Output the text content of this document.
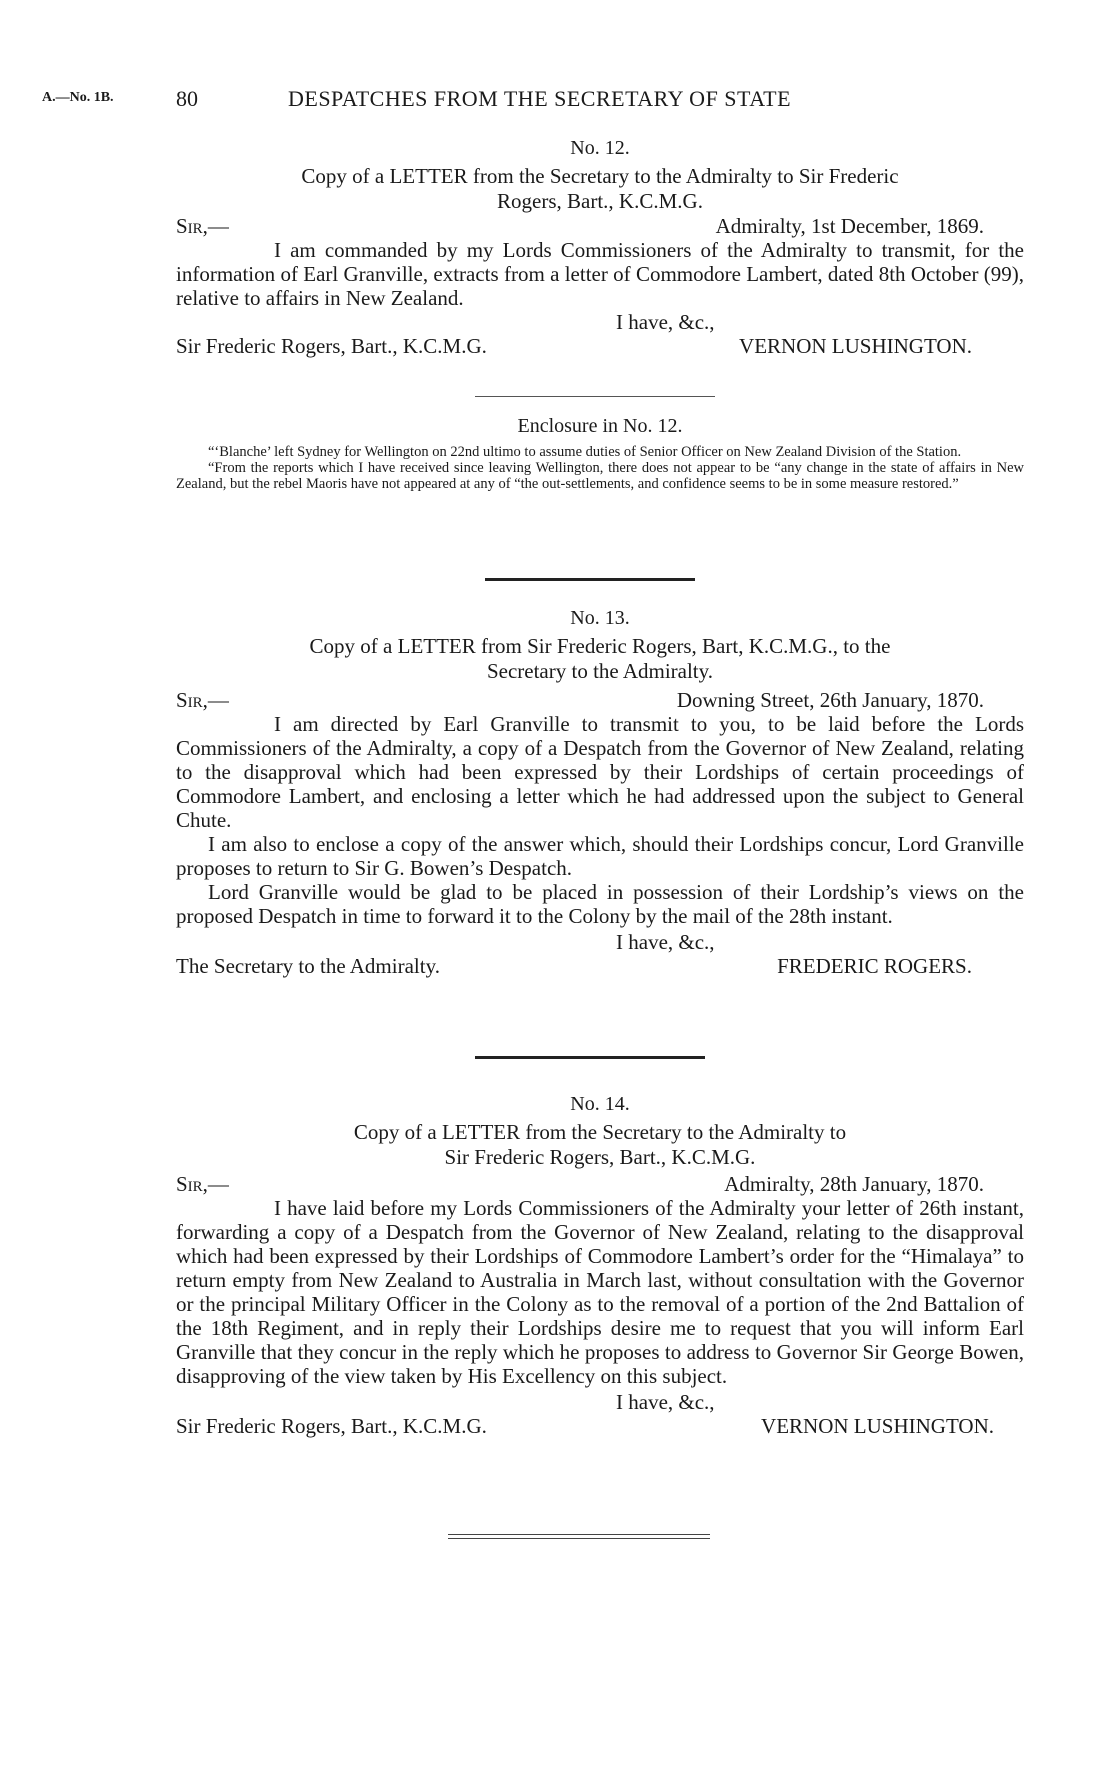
A.—No. 1B.	80	DESPATCHES FROM THE SECRETARY OF STATE
No. 12.
Copy of a LETTER from the Secretary to the Admiralty to Sir Frederic
Rogers, Bart., K.C.M.G.
Sir,—	Admiralty, 1st December, 1869.
I am commanded by my Lords Commissioners of the Admiralty to transmit, for the information of Earl Granville, extracts from a letter of Commodore Lambert, dated 8th October (99), relative to affairs in New Zealand.
I have, &c.,
Sir Frederic Rogers, Bart., K.C.M.G.	VERNON LUSHINGTON.
Enclosure in No. 12.
“‘Blanche’ left Sydney for Wellington on 22nd ultimo to assume duties of Senior Officer on New Zealand Division of the Station.
“From the reports which I have received since leaving Wellington, there does not appear to be “any change in the state of affairs in New Zealand, but the rebel Maoris have not appeared at any of “the out-settlements, and confidence seems to be in some measure restored.”
No. 13.
Copy of a LETTER from Sir Frederic Rogers, Bart, K.C.M.G., to the
Secretary to the Admiralty.
Sir,—	Downing Street, 26th January, 1870.
I am directed by Earl Granville to transmit to you, to be laid before the Lords Commissioners of the Admiralty, a copy of a Despatch from the Governor of New Zealand, relating to the disapproval which had been expressed by their Lordships of certain proceedings of Commodore Lambert, and enclosing a letter which he had addressed upon the subject to General Chute.
I am also to enclose a copy of the answer which, should their Lordships concur, Lord Granville proposes to return to Sir G. Bowen’s Despatch.
Lord Granville would be glad to be placed in possession of their Lordship’s views on the proposed Despatch in time to forward it to the Colony by the mail of the 28th instant.
I have, &c.,
The Secretary to the Admiralty.	FREDERIC ROGERS.
No. 14.
Copy of a LETTER from the Secretary to the Admiralty to
Sir Frederic Rogers, Bart., K.C.M.G.
Sir,—	Admiralty, 28th January, 1870.
I have laid before my Lords Commissioners of the Admiralty your letter of 26th instant, forwarding a copy of a Despatch from the Governor of New Zealand, relating to the disapproval which had been expressed by their Lordships of Commodore Lambert’s order for the “Himalaya” to return empty from New Zealand to Australia in March last, without consultation with the Governor or the principal Military Officer in the Colony as to the removal of a portion of the 2nd Battalion of the 18th Regiment, and in reply their Lordships desire me to request that you will inform Earl Granville that they concur in the reply which he proposes to address to Governor Sir George Bowen, disapproving of the view taken by His Excellency on this subject.
I have, &c.,
Sir Frederic Rogers, Bart., K.C.M.G.	VERNON LUSHINGTON.
